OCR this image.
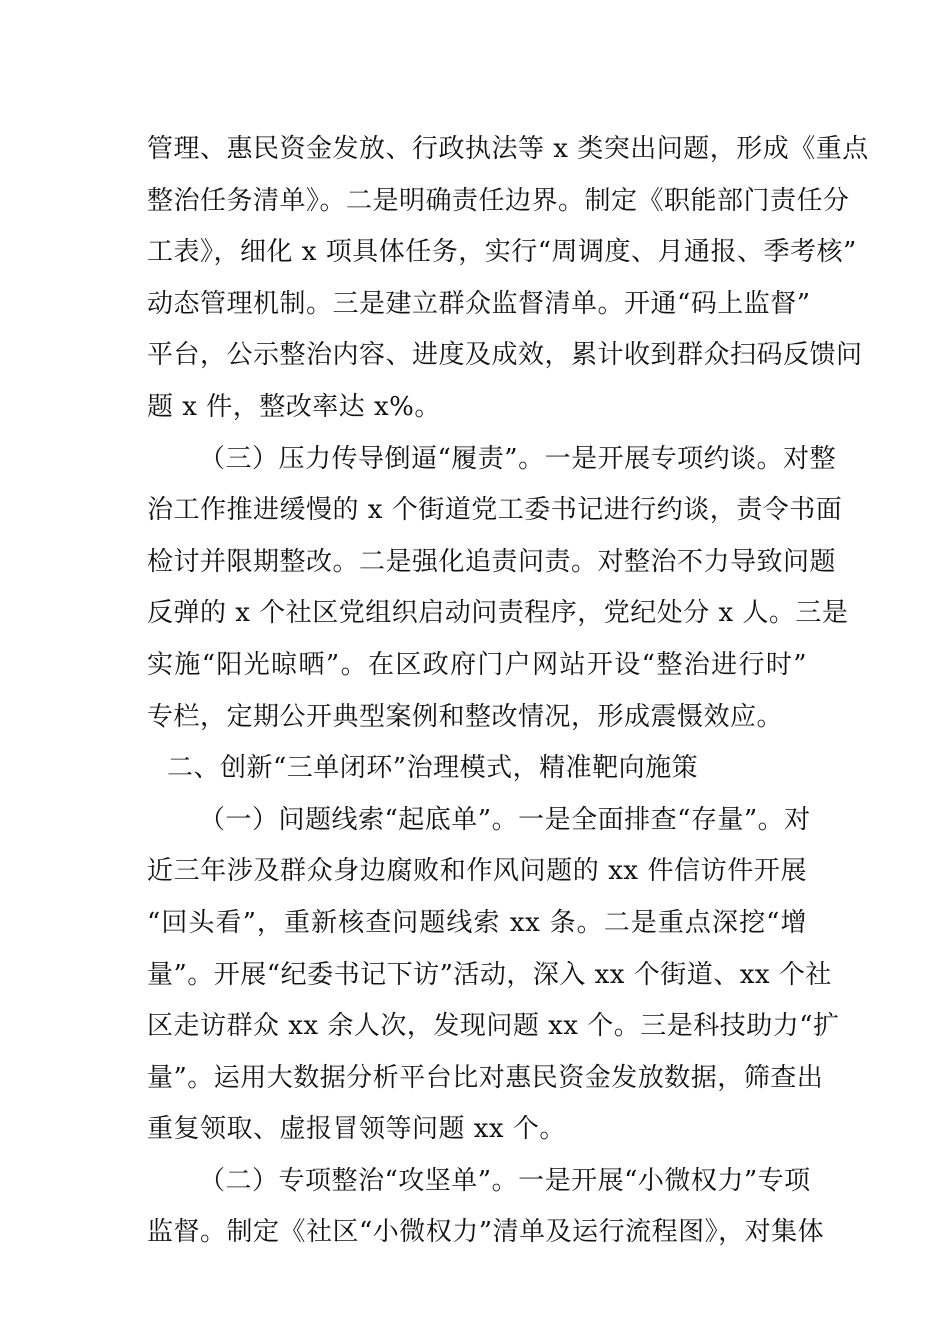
管理、惠民资金发放、行政执法等 x 类突出问题，形成《重点
整治任务清单》。二是明确责任边界。制定《职能部门责任分
工表》，细化 x 项具体任务，实行“周调度、月通报、季考核”
动态管理机制。三是建立群众监督清单。开通“码上监督”
平台，公示整治内容、进度及成效，累计收到群众扫码反馈问
题 x 件，整改率达 x%。
（三）压力传导倒逼“履责”。一是开展专项约谈。对整
治工作推进缓慢的 x 个街道党工委书记进行约谈，责令书面
检讨并限期整改。二是强化追责问责。对整治不力导致问题
反弹的 x 个社区党组织启动问责程序，党纪处分 x 人。三是
实施“阳光晾晒”。在区政府门户网站开设“整治进行时”
专栏，定期公开典型案例和整改情况，形成震慑效应。
二、创新“三单闭环”治理模式，精准靶向施策
（一）问题线索“起底单”。一是全面排查“存量”。对
近三年涉及群众身边腐败和作风问题的 xx 件信访件开展
“回头看”，重新核查问题线索 xx 条。二是重点深挖“增
量”。开展“纪委书记下访”活动，深入 xx 个街道、xx 个社
区走访群众 xx 余人次，发现问题 xx 个。三是科技助力“扩
量”。运用大数据分析平台比对惠民资金发放数据，筛查出
重复领取、虚报冒领等问题 xx 个。
（二）专项整治“攻坚单”。一是开展“小微权力”专项
监督。制定《社区“小微权力”清单及运行流程图》，对集体
